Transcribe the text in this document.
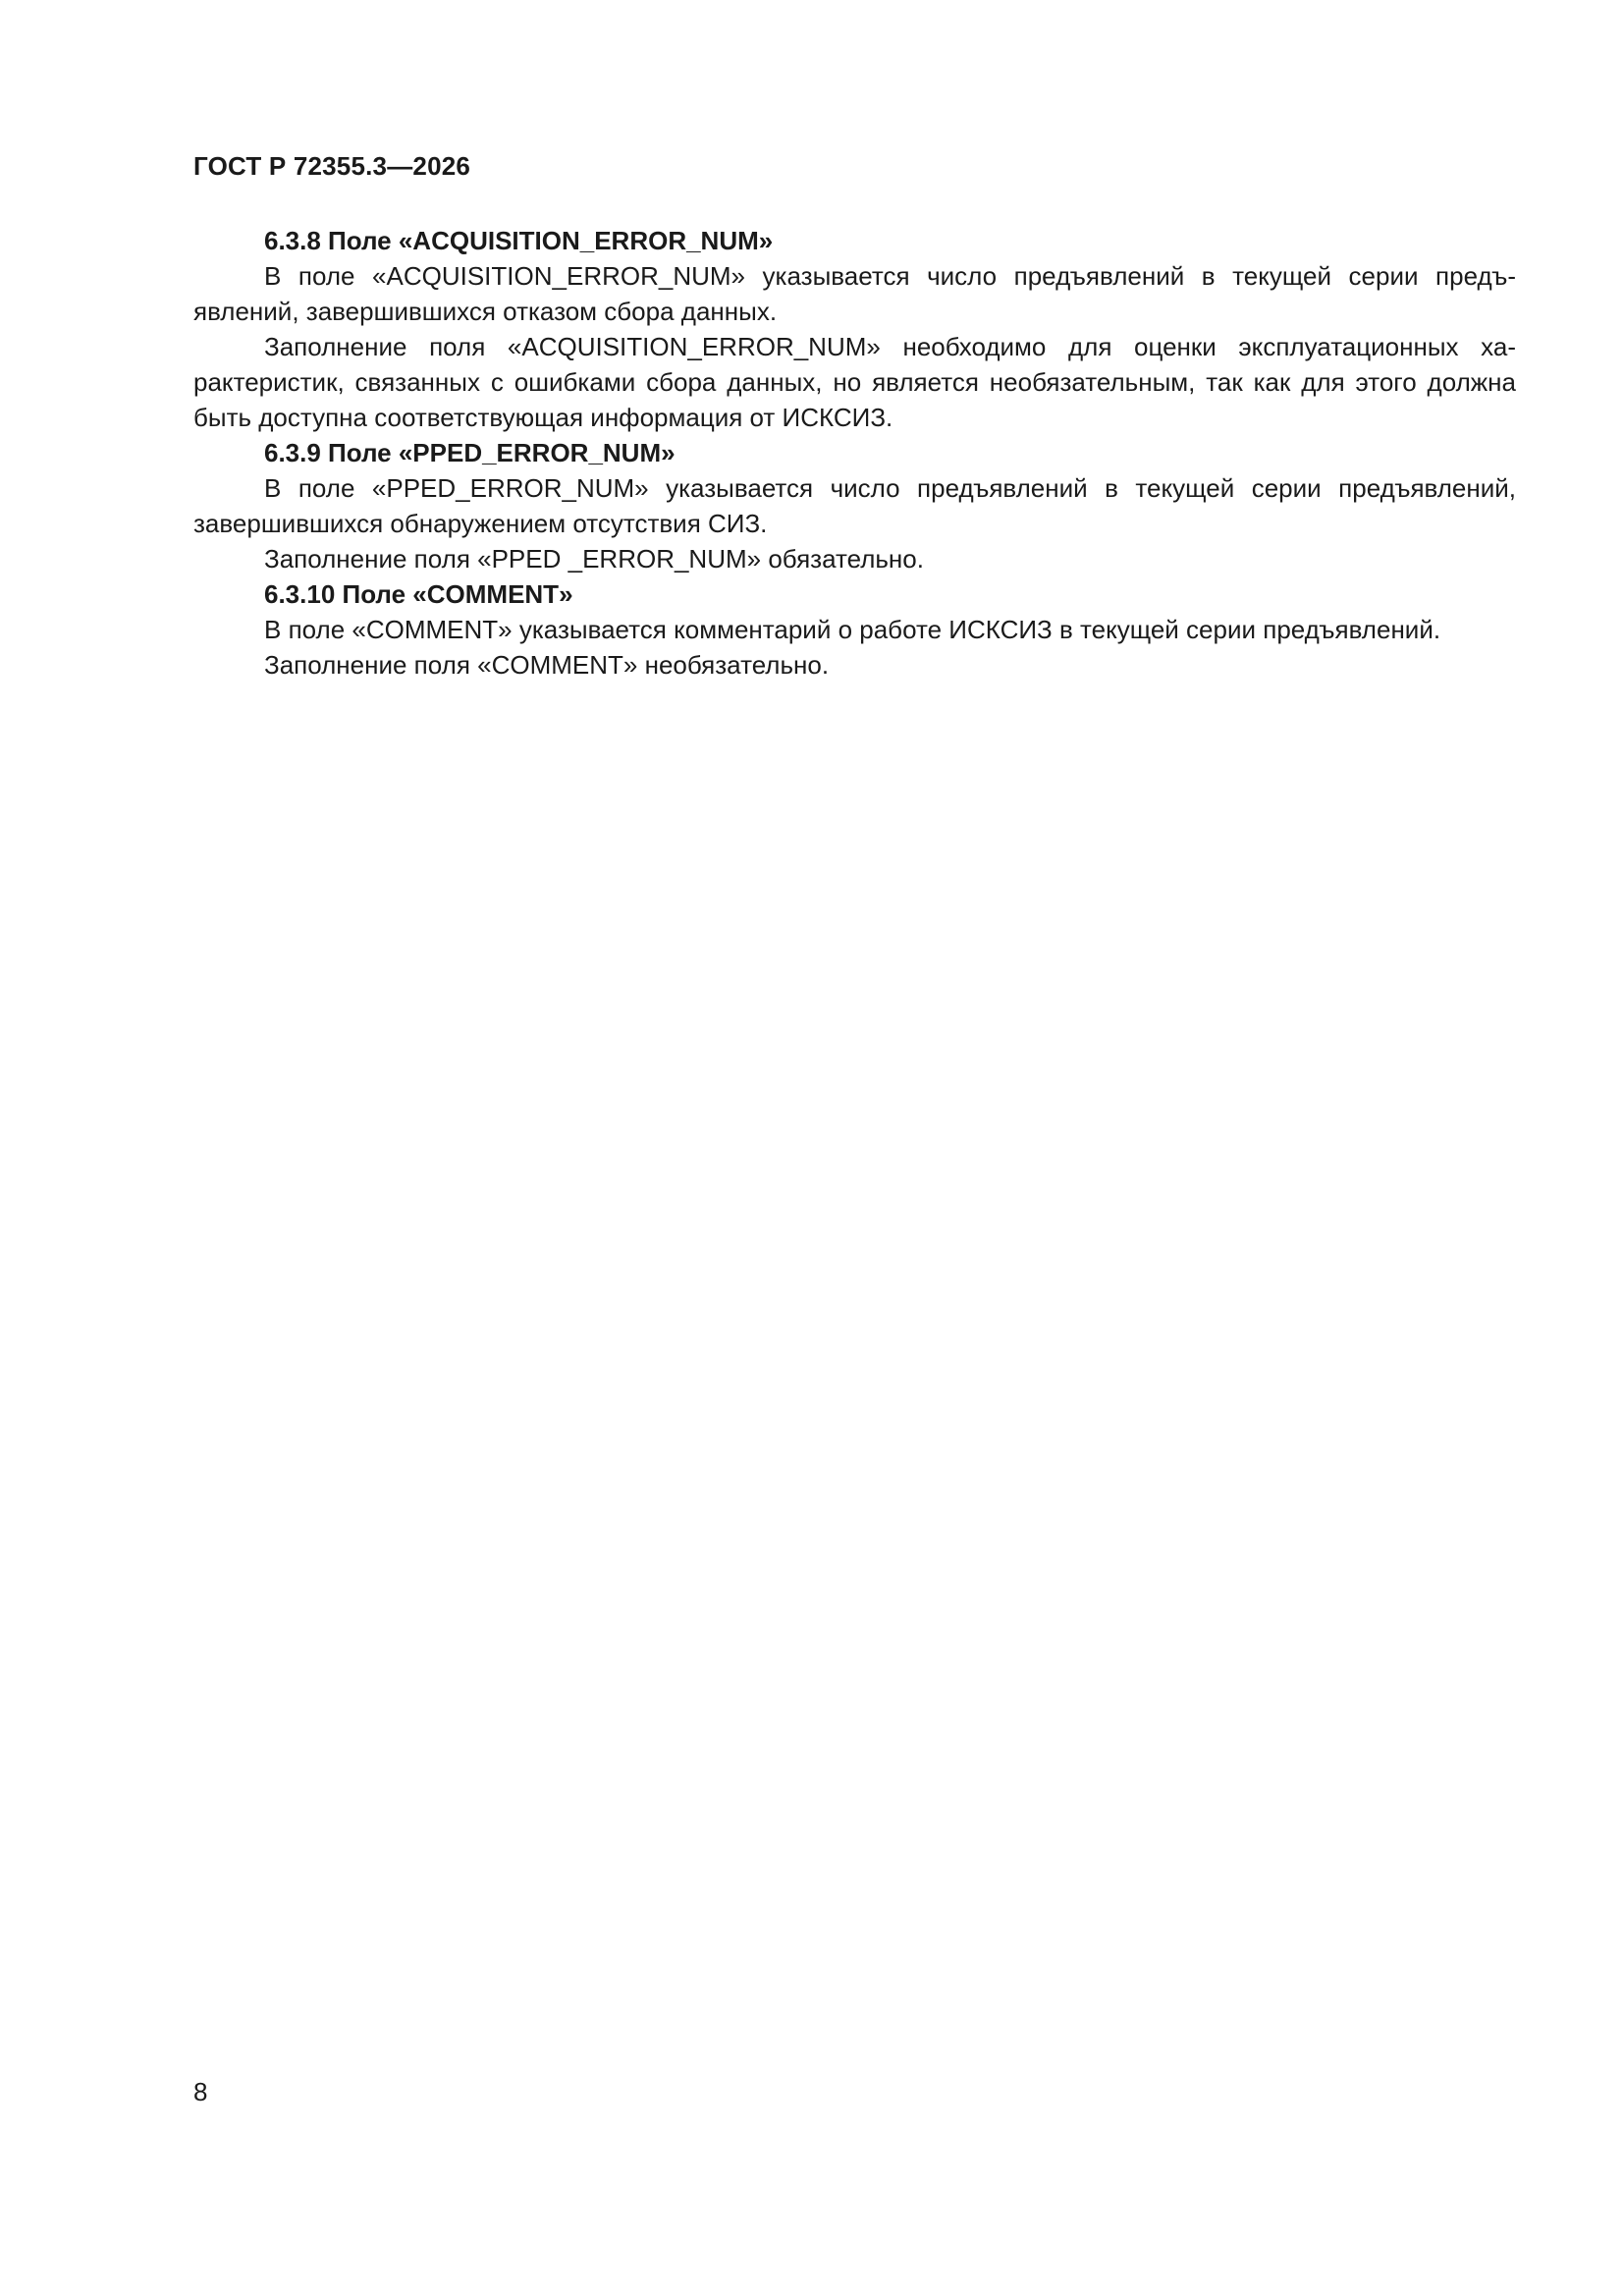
ГОСТ Р 72355.3—2026

6.3.8 Поле «ACQUISITION_ERROR_NUM»

В поле «ACQUISITION_ERROR_NUM» указывается число предъявлений в текущей серии предъявлений, завершившихся отказом сбора данных.

Заполнение поля «ACQUISITION_ERROR_NUM» необходимо для оценки эксплуатационных характеристик, связанных с ошибками сбора данных, но является необязательным, так как для этого должна быть доступна соответствующая информация от ИСКСИЗ.

6.3.9 Поле «PPED_ERROR_NUM»

В поле «PPED_ERROR_NUM» указывается число предъявлений в текущей серии предъявлений, завершившихся обнаружением отсутствия СИЗ.

Заполнение поля «PPED _ERROR_NUM» обязательно.

6.3.10 Поле «COMMENT»

В поле «COMMENT» указывается комментарий о работе ИСКСИЗ в текущей серии предъявлений.

Заполнение поля «COMMENT» необязательно.

8
